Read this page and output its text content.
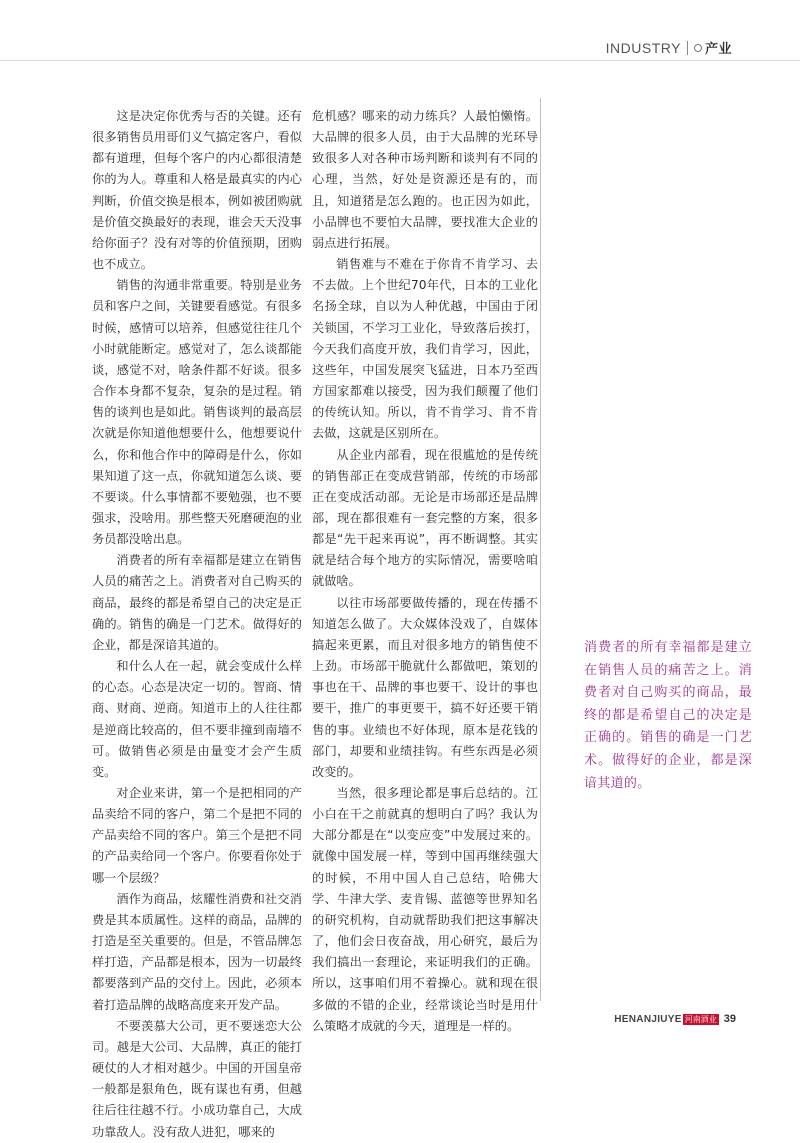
INDUSTRY 产业

这是决定你优秀与否的关键。还有很多销售员用哥们义气搞定客户，看似都有道理，但每个客户的内心都很清楚你的为人。尊重和人格是最真实的内心判断，价值交换是根本，例如被团购就是价值交换最好的表现，谁会天天没事给你面子？没有对等的价值预期，团购也不成立。

销售的沟通非常重要。特别是业务员和客户之间，关键要看感觉。有很多时候，感情可以培养，但感觉往往几个小时就能断定。感觉对了，怎么谈都能谈，感觉不对，啥条件都不好谈。很多合作本身都不复杂，复杂的是过程。销售的谈判也是如此。销售谈判的最高层次就是你知道他想要什么，他想要说什么，你和他合作中的障碍是什么，你如果知道了这一点，你就知道怎么谈、要不要谈。什么事情都不要勉强，也不要强求，没啥用。那些整天死磨硬泡的业务员都没啥出息。

消费者的所有幸福都是建立在销售人员的痛苦之上。消费者对自己购买的商品，最终的都是希望自己的决定是正确的。销售的确是一门艺术。做得好的企业，都是深谙其道的。

和什么人在一起，就会变成什么样的心态。心态是决定一切的。智商、情商、财商、逆商。知道市上的人往往都是逆商比较高的，但不要非撞到南墙不可。做销售必须是由量变才会产生质变。

对企业来讲，第一个是把相同的产品卖给不同的客户，第二个是把不同的产品卖给不同的客户。第三个是把不同的产品卖给同一个客户。你要看你处于哪一个层级？

酒作为商品，炫耀性消费和社交消费是其本质属性。这样的商品，品牌的打造是至关重要的。但是，不管品牌怎样打造，产品都是根本，因为一切最终都要落到产品的交付上。因此，必须本着打造品牌的战略高度来开发产品。

不要羡慕大公司，更不要迷恋大公司。越是大公司、大品牌，真正的能打硬仗的人才相对越少。中国的开国皇帝一般都是狠角色，既有谋也有勇，但越往后往往越不行。小成功靠自己，大成功靠敌人。没有敌人进犯，哪来的

危机感？哪来的动力练兵？人最怕懒惰。大品牌的很多人员，由于大品牌的光环导致很多人对各种市场判断和谈判有不同的心理，当然，好处是资源还是有的，而且，知道猪是怎么跑的。也正因为如此，小品牌也不要怕大品牌，要找准大企业的弱点进行拓展。

销售难与不难在于你肯不肯学习、去不去做。上个世纪70年代，日本的工业化名扬全球，自以为人种优越，中国由于闭关锁国，不学习工业化，导致落后挨打，今天我们高度开放，我们肯学习，因此，这些年，中国发展突飞猛进，日本乃至西方国家都难以接受，因为我们颠覆了他们的传统认知。所以，肯不肯学习、肯不肯去做，这就是区别所在。

从企业内部看，现在很尴尬的是传统的销售部正在变成营销部，传统的市场部正在变成活动部。无论是市场部还是品牌部，现在都很难有一套完整的方案，很多都是“先干起来再说”，再不断调整。其实就是结合每个地方的实际情况，需要啥咱就做啥。

以往市场部要做传播的，现在传播不知道怎么做了。大众媒体没戏了，自媒体搞起来更累，而且对很多地方的销售使不上劲。市场部干脆就什么都做吧，策划的事也在干、品牌的事也要干、设计的事也要干，推广的事更要干，搞不好还要干销售的事。业绩也不好体现，原本是花钱的部门，却要和业绩挂钩。有些东西是必须改变的。

当然，很多理论都是事后总结的。江小白在干之前就真的想明白了吗？我认为大部分都是在“以变应变”中发展过来的。就像中国发展一样，等到中国再继续强大的时候，不用中国人自己总结，哈佛大学、牛津大学、麦肯锡、蓝德等世界知名的研究机构，自动就帮助我们把这事解决了，他们会日夜奋战，用心研究，最后为我们搞出一套理论，来证明我们的正确。所以，这事咱们用不着操心。就和现在很多做的不错的企业，经常谈论当时是用什么策略才成就的今天，道理是一样的。

消费者的所有幸福都是建立在销售人员的痛苦之上。消费者对自己购买的商品，最终的都是希望自己的决定是正确的。销售的确是一门艺术。做得好的企业，都是深谙其道的。
HENANJIUYE 河南酒业 39
